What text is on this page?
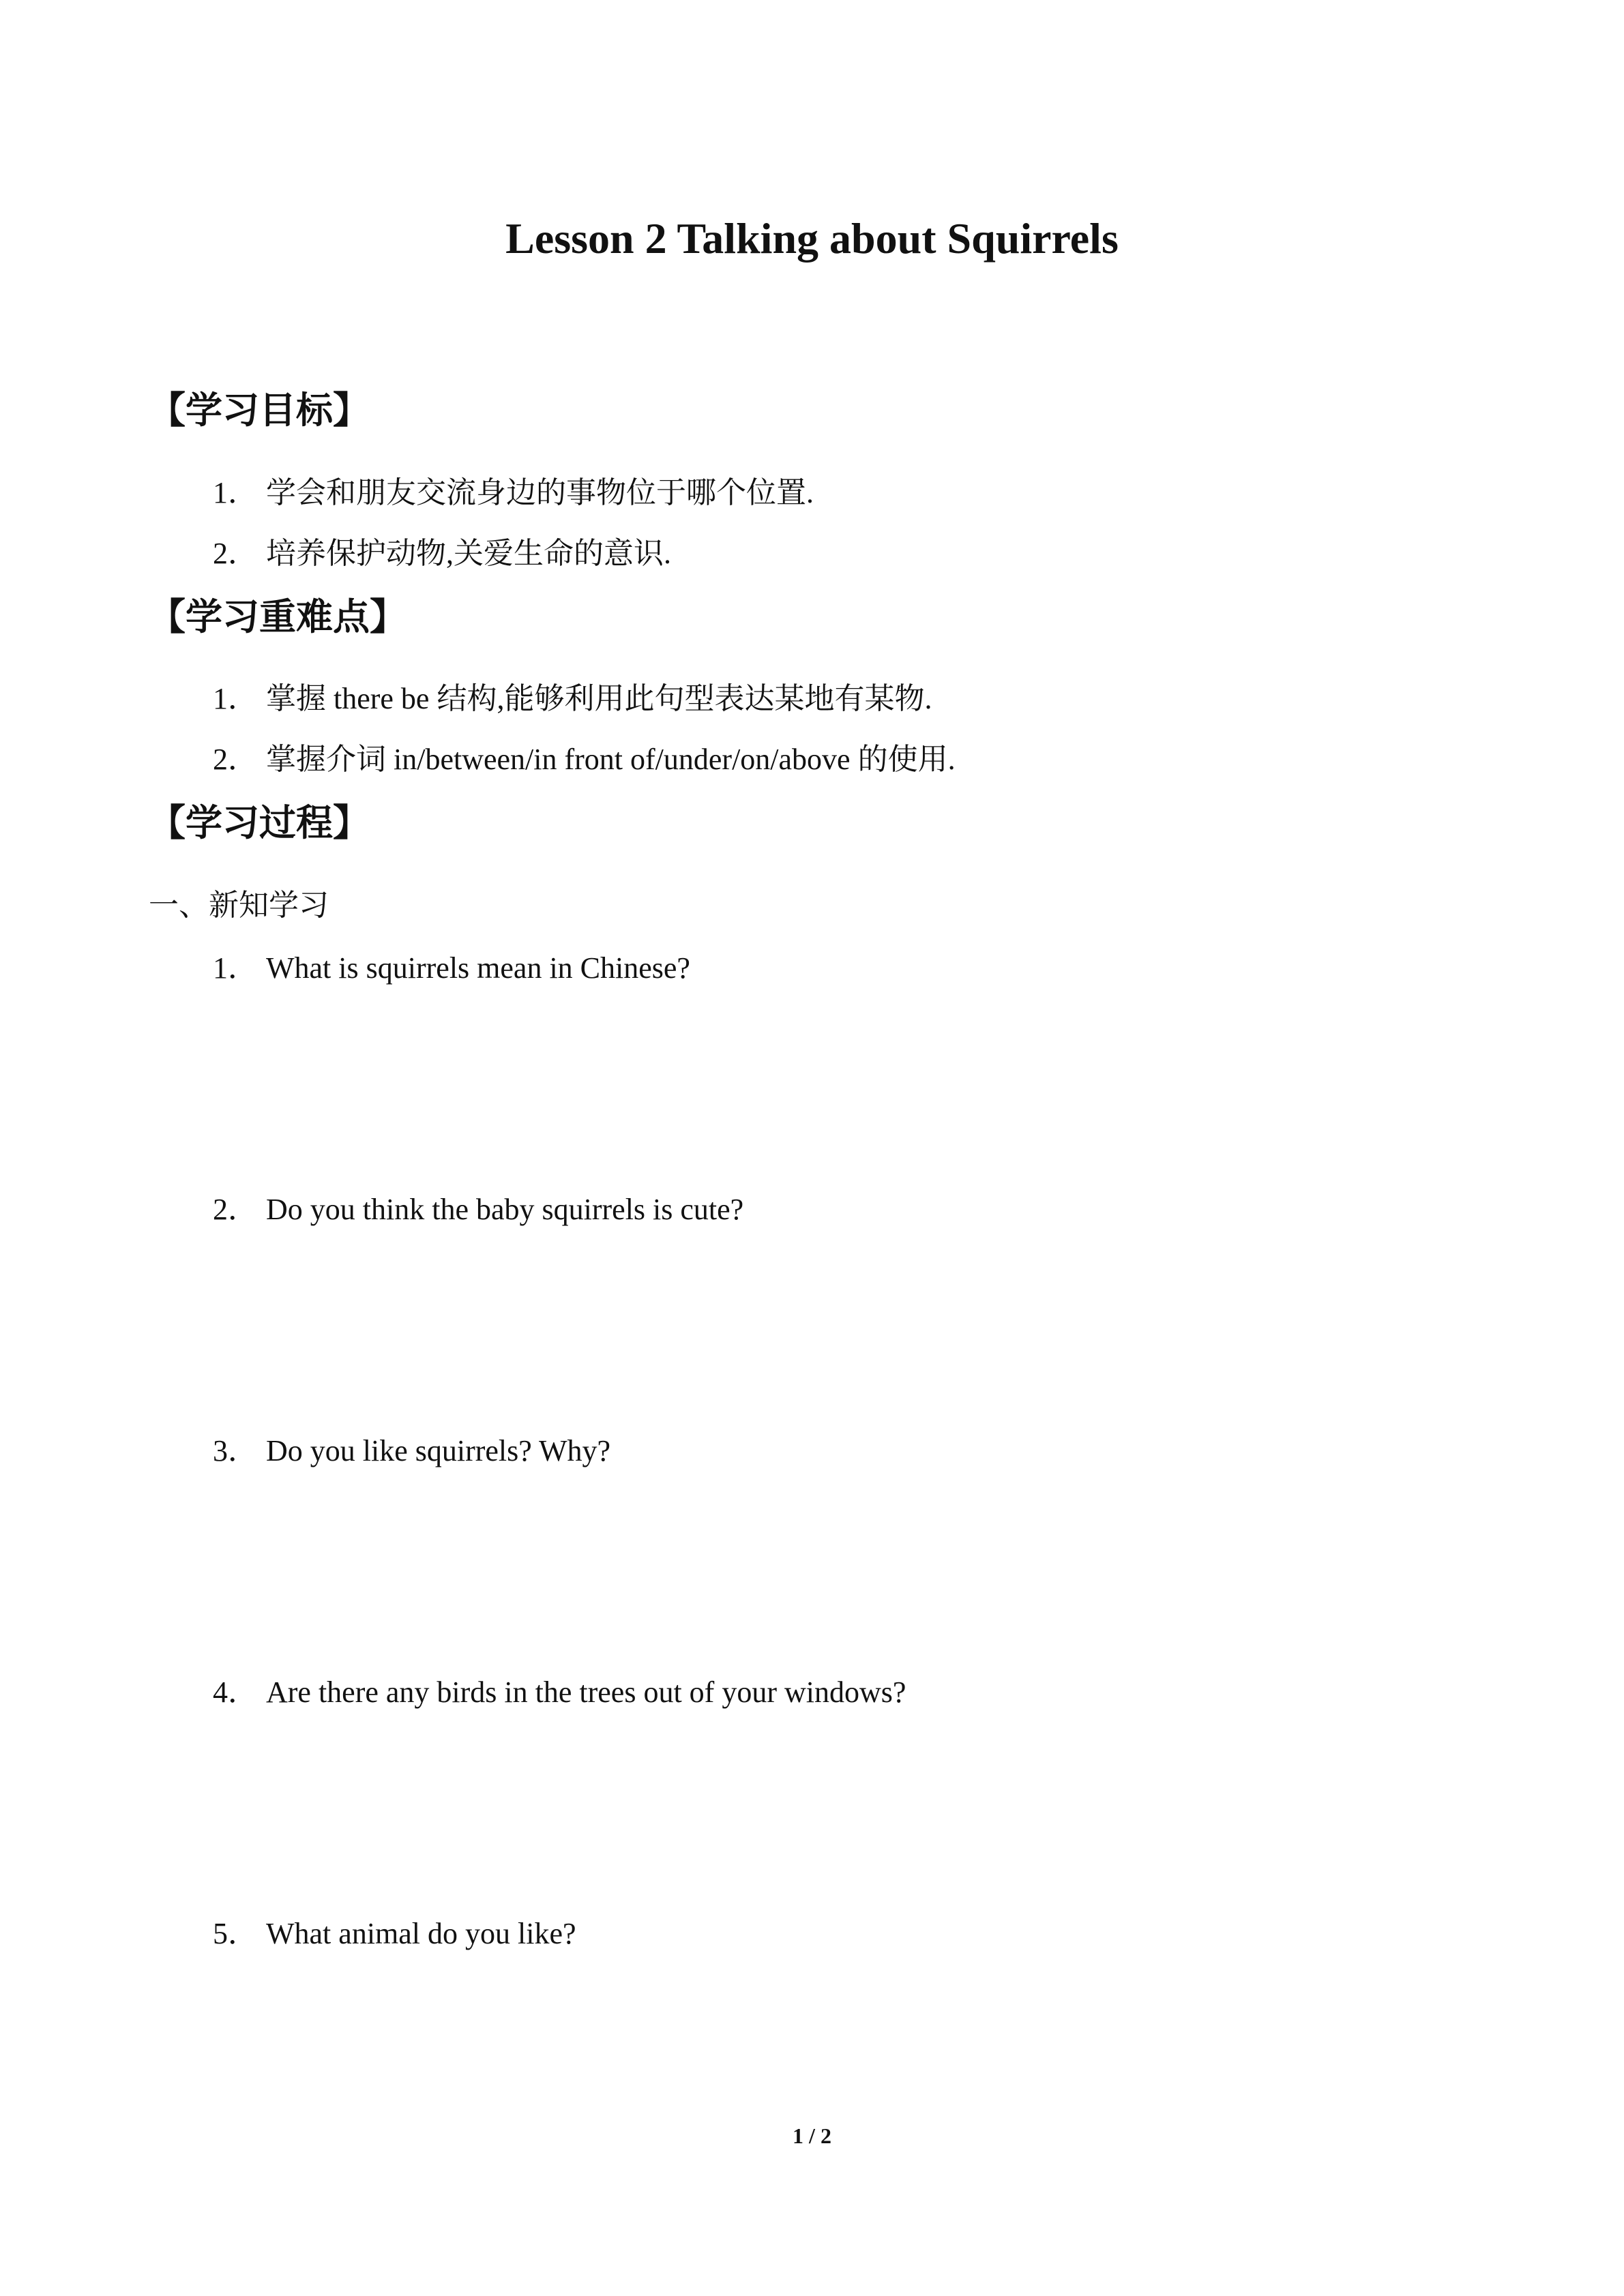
Lesson 2 Talking about Squirrels
【学习目标】
1． 学会和朋友交流身边的事物位于哪个位置.
2． 培养保护动物,关爱生命的意识.
【学习重难点】
1． 掌握 there be 结构,能够利用此句型表达某地有某物.
2． 掌握介词 in/between/in front of/under/on/above 的使用.
【学习过程】
一、新知学习
1． What is squirrels mean in Chinese?
2． Do you think the baby squirrels is cute?
3． Do you like squirrels? Why?
4． Are there any birds in the trees out of your windows?
5． What animal do you like?
1 / 2
